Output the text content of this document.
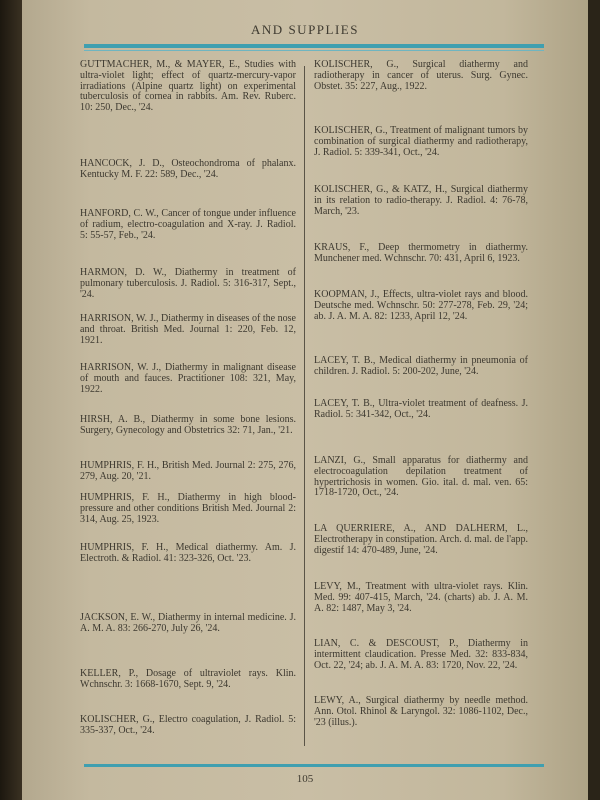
AND SUPPLIES

GUTTMACHER, M., & MAYER, E., Studies with ultra-violet light; effect of quartz-mercury-vapor irradiations (Alpine quartz light) on experimental tuberculosis of cornea in rabbits. Am. Rev. Ruberc. 10: 250, Dec., '24.

HANCOCK, J. D., Osteochondroma of phalanx. Kentucky M. F. 22: 589, Dec., '24.

HANFORD, C. W., Cancer of tongue under influence of radium, electro-coagulation and X-ray. J. Radiol. 5: 55-57, Feb., '24.

HARMON, D. W., Diathermy in treatment of pulmonary tuberculosis. J. Radiol. 5: 316-317, Sept., '24.

HARRISON, W. J., Diathermy in diseases of the nose and throat. British Med. Journal 1: 220, Feb. 12, 1921.

HARRISON, W. J., Diathermy in malignant disease of mouth and fauces. Practitioner 108: 321, May, 1922.

HIRSH, A. B., Diathermy in some bone lesions. Surgery, Gynecology and Obstetrics 32: 71, Jan., '21.

HUMPHRIS, F. H., British Med. Journal 2: 275, 276, 279, Aug. 20, '21.

HUMPHRIS, F. H., Diathermy in high blood-pressure and other conditions British Med. Journal 2: 314, Aug. 25, 1923.

HUMPHRIS, F. H., Medical diathermy. Am. J. Electroth. & Radiol. 41: 323-326, Oct. '23.

JACKSON, E. W., Diathermy in internal medicine. J. A. M. A. 83: 266-270, July 26, '24.

KELLER, P., Dosage of ultraviolet rays. Klin. Wchnschr. 3: 1668-1670, Sept. 9, '24.

KOLISCHER, G., Electro coagulation, J. Radiol. 5: 335-337, Oct., '24.

KOLISCHER, G., Surgical diathermy and radiotherapy in cancer of uterus. Surg. Gynec. Obstet. 35: 227, Aug., 1922.

KOLISCHER, G., Treatment of malignant tumors by combination of surgical diathermy and radiotherapy, J. Radiol. 5: 339-341, Oct., '24.

KOLISCHER, G., & KATZ, H., Surgical diathermy in its relation to radio-therapy. J. Radiol. 4: 76-78, March, '23.

KRAUS, F., Deep thermometry in diathermy. Munchener med. Wchnschr. 70: 431, April 6, 1923.

KOOPMAN, J., Effects, ultra-violet rays and blood. Deutsche med. Wchnschr. 50: 277-278, Feb. 29, '24; ab. J. A. M. A. 82: 1233, April 12, '24.

LACEY, T. B., Medical diathermy in pneumonia of children. J. Radiol. 5: 200-202, June, '24.

LACEY, T. B., Ultra-violet treatment of deafness. J. Radiol. 5: 341-342, Oct., '24.

LANZI, G., Small apparatus for diathermy and electrocoagulation depilation treatment of hypertrichosis in women. Gio. ital. d. mal. ven. 65: 1718-1720, Oct., '24.

LA QUERRIERE, A., AND DALHERM, L., Electrotherapy in constipation. Arch. d. mal. de l'app. digestif 14: 470-489, June, '24.

LEVY, M., Treatment with ultra-violet rays. Klin. Med. 99: 407-415, March, '24. (charts) ab. J. A. M. A. 82: 1487, May 3, '24.

LIAN, C. & DESCOUST, P., Diathermy in intermittent claudication. Presse Med. 32: 833-834, Oct. 22, '24; ab. J. A. M. A. 83: 1720, Nov. 22, '24.

LEWY, A., Surgical diathermy by needle method. Ann. Otol. Rhinol & Laryngol. 32: 1086-1102, Dec., '23 (illus.).

105
